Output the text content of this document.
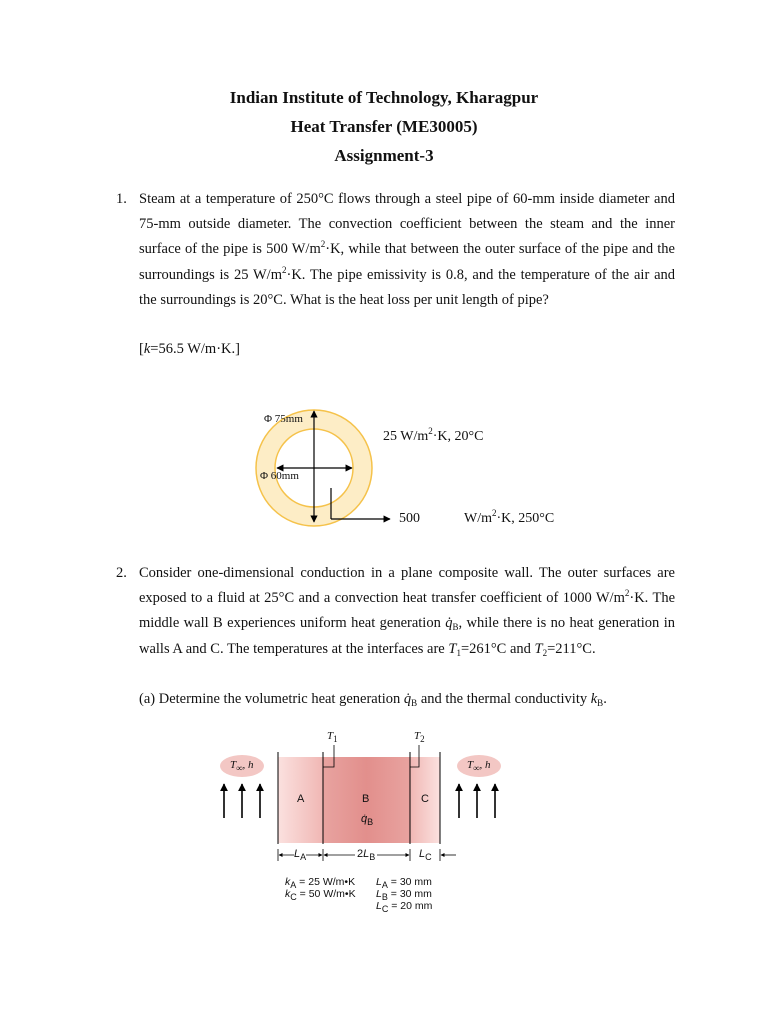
Indian Institute of Technology, Kharagpur
Heat Transfer (ME30005)
Assignment-3
1. Steam at a temperature of 250°C flows through a steel pipe of 60-mm inside diameter and 75-mm outside diameter. The convection coefficient between the steam and the inner surface of the pipe is 500 $W/m^2\cdot K$, while that between the outer surface of the pipe and the surroundings is 25 $W/m^2\cdot K$. The pipe emissivity is 0.8, and the temperature of the air and the surroundings is 20°C. What is the heat loss per unit length of pipe?
[k=56.5 W/m·K.]
Φ 75mm
Φ 60mm
25 $W/m^2\cdot K$, 20°C
500	$W/m^2\cdot K$, 250°C
2. Consider one-dimensional conduction in a plane composite wall. The outer surfaces are exposed to a fluid at 25°C and a convection heat transfer coefficient of 1000 $W/m^2\cdot K$. The middle wall B experiences uniform heat generation $q̇_B$, while there is no heat generation in walls A and C. The temperatures at the interfaces are $T_1=261^\circ C$ and $T_2=211^\circ C$.
(a) Determine the volumetric heat generation $q̇_B$ and the thermal conductivity $k_B$.
$T_1$	$T_2$
$T_\infty$, h	$T_\infty$, h
A	B	C
$q̇_B$
$L_A$	$2L_B$	$L_C$
$k_A = 25$ W/m•K
$k_C = 50$ W/m•K
$L_A = 30$ mm
$L_B = 30$ mm
$L_C = 20$ mm
